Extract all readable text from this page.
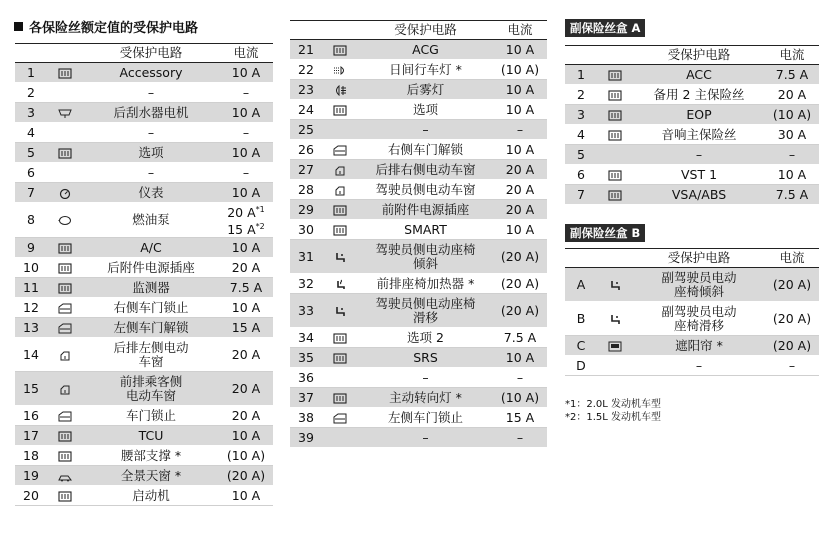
各保险丝额定值的受保护电路
		受保护电路	电流
1		Accessory	10 A
2		–	–
3		后刮水器电机	10 A
4		–	–
5		选项	10 A
6		–	–
7		仪表	10 A
8		燃油泵	20 $A^{*1}$
15 $A^{*2}$

9		A/C	10 A
10		后附件电源插座	20 A
11		监测器	7.5 A
12		右侧车门锁止	10 A
13		左侧车门解锁	15 A
14		后排左侧电动
车窗	20 A
15		前排乘客侧
电动车窗	20 A
16		车门锁止	20 A
17		TCU	10 A
18		腰部支撑 *	(10 A)
19		全景天窗 *	(20 A)
20		启动机	10 A
		受保护电路	电流
21		ACG	10 A
22		日间行车灯 *	(10 A)
23		后雾灯	10 A
24		选项	10 A
25		–	–
26		右侧车门解锁	10 A
27		后排右侧电动车窗	20 A
28		驾驶员侧电动车窗	20 A
29		前附件电源插座	20 A
30		SMART	10 A
31		驾驶员侧电动座椅
倾斜	(20 A)
32		前排座椅加热器 *	(20 A)
33		驾驶员侧电动座椅
滑移	(20 A)
34		选项 2	7.5 A
35		SRS	10 A
36		–	–
37		主动转向灯 *	(10 A)
38		左侧车门锁止	15 A
39		–	–
副保险丝盒 A
		受保护电路	电流
1		ACC	7.5 A
2		备用 2 主保险丝	20 A
3		EOP	(10 A)
4		音响主保险丝	30 A
5		–	–
6		VST 1	10 A
7		VSA/ABS	7.5 A
副保险丝盒 B
		受保护电路	电流
A		副驾驶员电动
座椅倾斜	(20 A)
B		副驾驶员电动
座椅滑移	(20 A)
C		遮阳帘 *	(20 A)
D		–	–
*1：2.0L 发动机车型
*2：1.5L 发动机车型
